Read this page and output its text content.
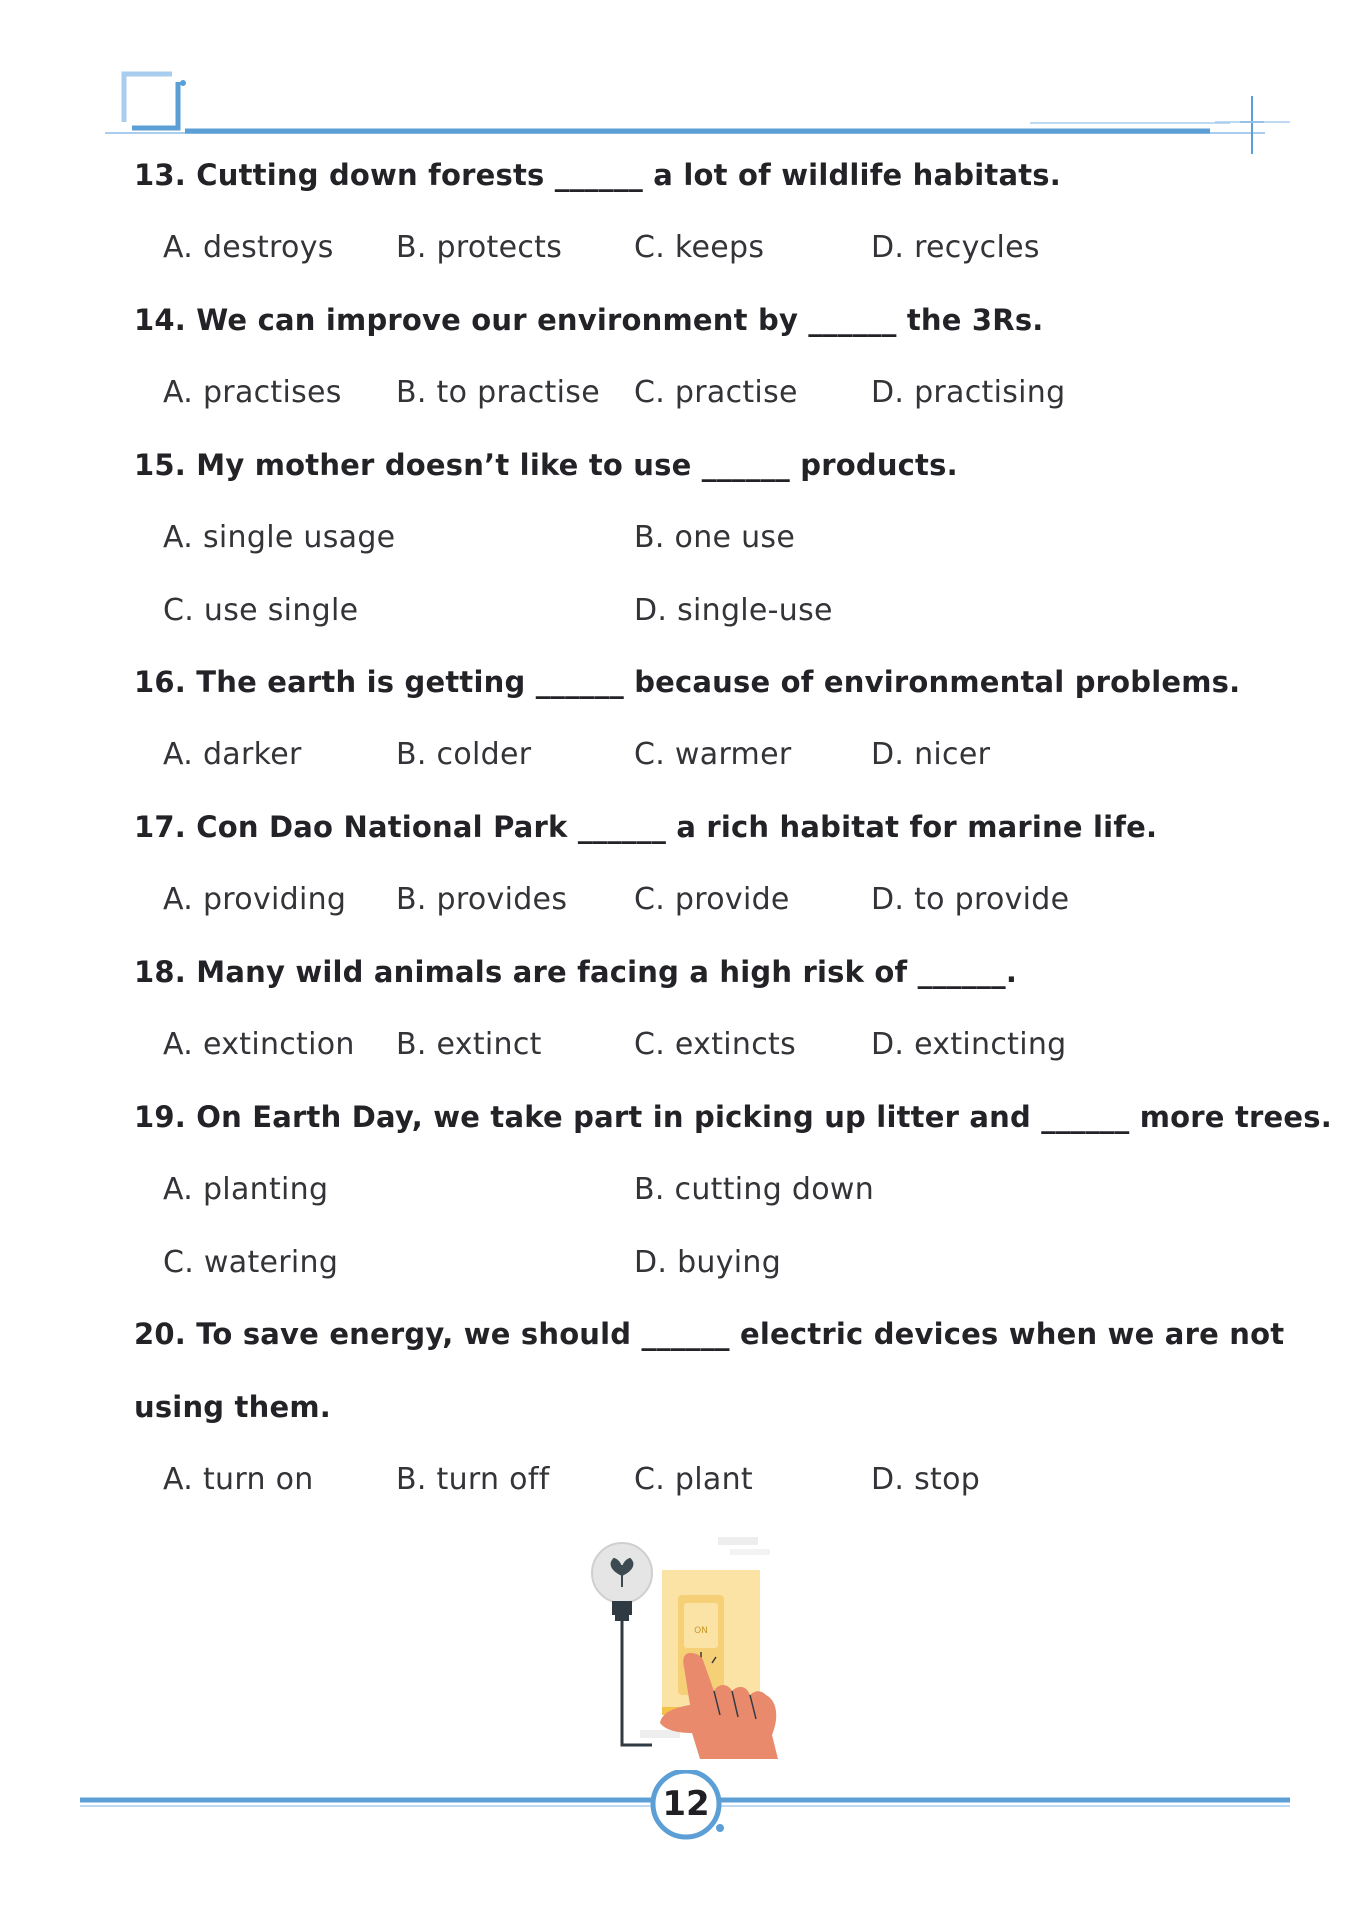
13. Cutting down forests ______ a lot of wildlife habitats.
A. destroys B. protects C. keeps	D. recycles
14. We can improve our environment by ______ the 3Rs.
A. practises B. to practise C. practise D. practising
15. My mother doesn’t like to use ______ products.
A. single usage	B. one use
C. use single	D. single-use
16. The earth is getting ______ because of environmental problems.
A. darker	B. colder	C. warmer	D. nicer
17. Con Dao National Park ______ a rich habitat for marine life.
A. providing B. provides C. provide	D. to provide
18. Many wild animals are facing a high risk of ______.
A. extinction B. extinct	C. extincts D. extincting
19. On Earth Day, we take part in picking up litter and ______ more trees.
A. planting	B. cutting down
C. watering	D. buying
20. To save energy, we should ______ electric devices when we are not
using them.
A. turn on	B. turn off	C. plant	D. stop
ON
12
